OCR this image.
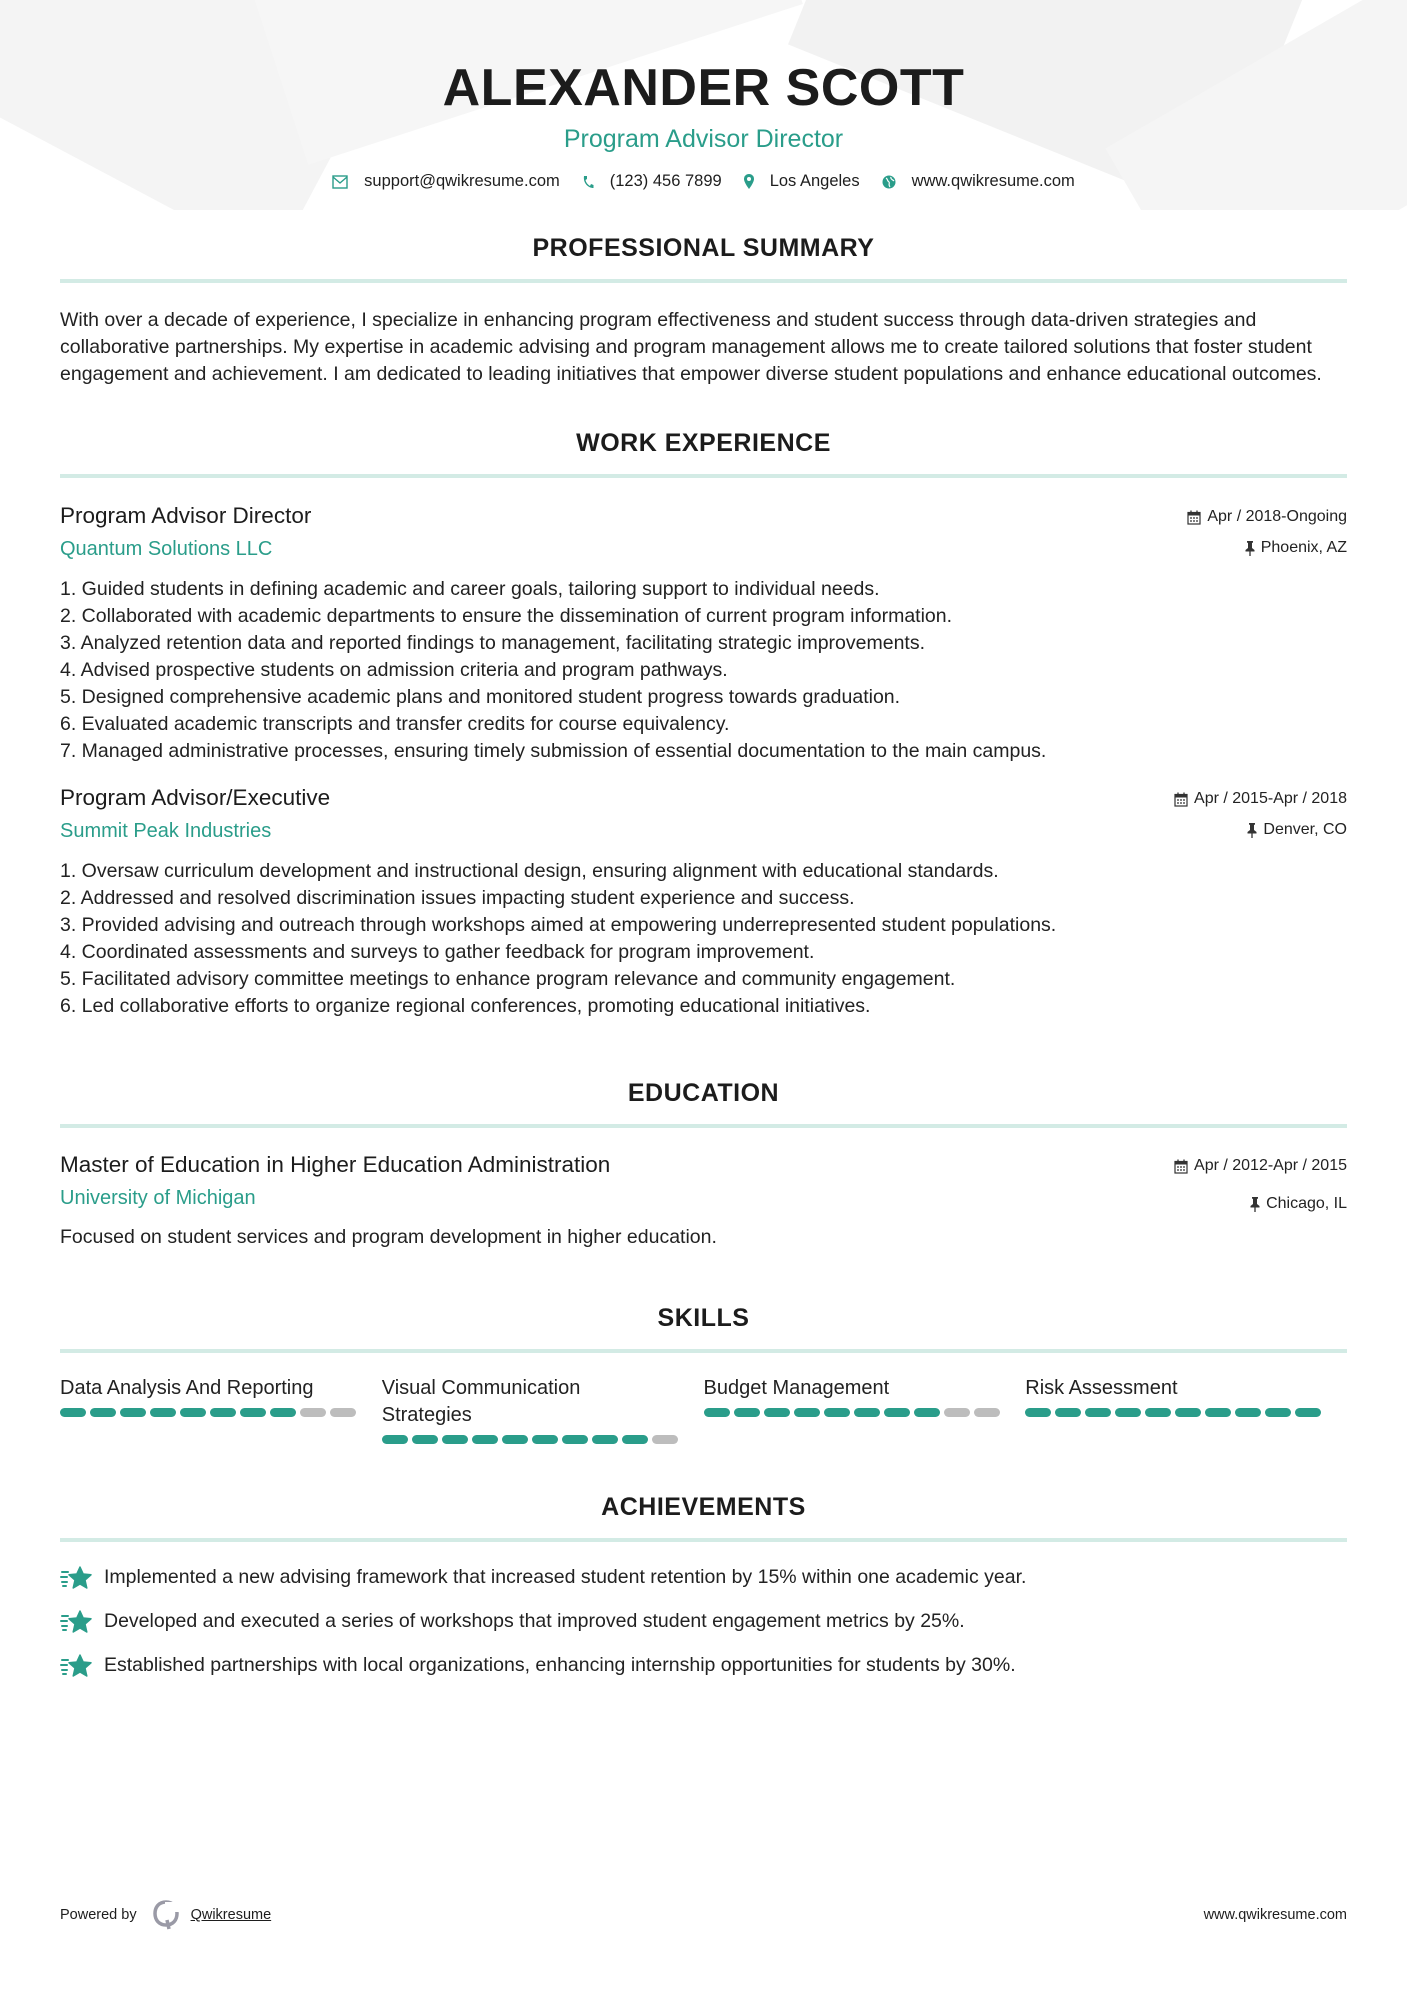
ALEXANDER SCOTT
Program Advisor Director
support@qwikresume.com	(123) 456 7899	Los Angeles	www.qwikresume.com
PROFESSIONAL SUMMARY

With over a decade of experience, I specialize in enhancing program effectiveness and student success through data-driven strategies and collaborative partnerships. My expertise in academic advising and program management allows me to create tailored solutions that foster student engagement and achievement. I am dedicated to leading initiatives that empower diverse student populations and enhance educational outcomes.

WORK EXPERIENCE
Program Advisor Director
Quantum Solutions LLC
Apr / 2018-Ongoing
Phoenix, AZ
1. Guided students in defining academic and career goals, tailoring support to individual needs.
2. Collaborated with academic departments to ensure the dissemination of current program information.
3. Analyzed retention data and reported findings to management, facilitating strategic improvements.
4. Advised prospective students on admission criteria and program pathways.
5. Designed comprehensive academic plans and monitored student progress towards graduation.
6. Evaluated academic transcripts and transfer credits for course equivalency.
7. Managed administrative processes, ensuring timely submission of essential documentation to the main campus.
Program Advisor/Executive
Summit Peak Industries
Apr / 2015-Apr / 2018
Denver, CO
1. Oversaw curriculum development and instructional design, ensuring alignment with educational standards.
2. Addressed and resolved discrimination issues impacting student experience and success.
3. Provided advising and outreach through workshops aimed at empowering underrepresented student populations.
4. Coordinated assessments and surveys to gather feedback for program improvement.
5. Facilitated advisory committee meetings to enhance program relevance and community engagement.
6. Led collaborative efforts to organize regional conferences, promoting educational initiatives.
EDUCATION
Master of Education in Higher Education Administration
University of Michigan
Apr / 2012-Apr / 2015
Chicago, IL

Focused on student services and program development in higher education.

SKILLS
Data Analysis And Reporting	Visual Communication Strategies
Budget Management	Risk Assessment
ACHIEVEMENTS
Implemented a new advising framework that increased student retention by 15% within one academic year.
Developed and executed a series of workshops that improved student engagement metrics by 25%.
Established partnerships with local organizations, enhancing internship opportunities for students by 30%.
Powered by	Qwikresume	www.qwikresume.com
